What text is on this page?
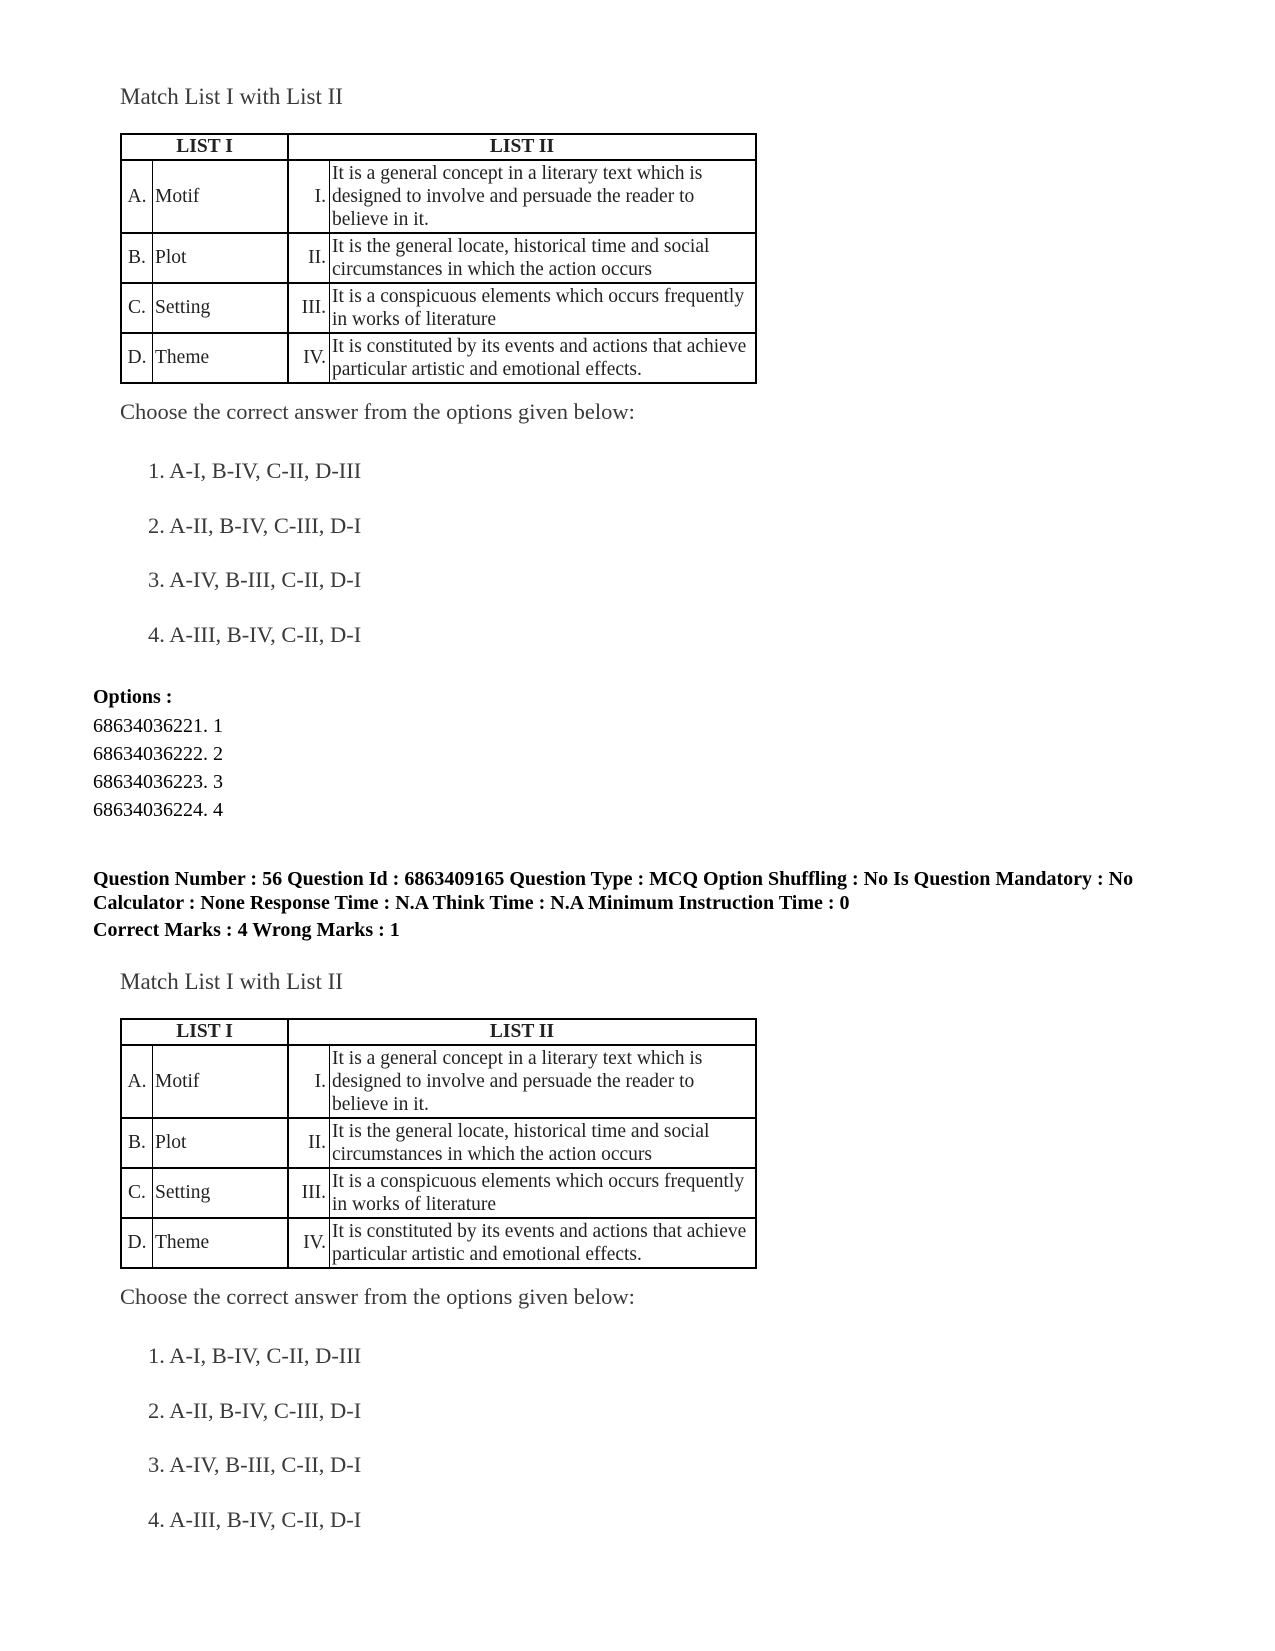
Match List I with List II

LIST I		LIST II	
A.	Motif	I.	It is a general concept in a literary text which is designed to involve and persuade the reader to believe in it.
B.	Plot	II.	It is the general locate, historical time and social circumstances in which the action occurs
C.	Setting	III.	It is a conspicuous elements which occurs frequently in works of literature
D.	Theme	IV.	It is constituted by its events and actions that achieve particular artistic and emotional effects.

Choose the correct answer from the options given below:

1. A-I, B-IV, C-II, D-III
2. A-II, B-IV, C-III, D-I
3. A-IV, B-III, C-II, D-I
4. A-III, B-IV, C-II, D-I
Options :
68634036221. 1
68634036222. 2
68634036223. 3
68634036224. 4

Question Number : 56 Question Id : 6863409165 Question Type : MCQ Option Shuffling : No Is Question Mandatory : No Calculator : None Response Time : N.A Think Time : N.A Minimum Instruction Time : 0

Correct Marks : 4 Wrong Marks : 1

Match List I with List II

LIST I		LIST II	
A.	Motif	I.	It is a general concept in a literary text which is designed to involve and persuade the reader to believe in it.
B.	Plot	II.	It is the general locate, historical time and social circumstances in which the action occurs
C.	Setting	III.	It is a conspicuous elements which occurs frequently in works of literature
D.	Theme	IV.	It is constituted by its events and actions that achieve particular artistic and emotional effects.

Choose the correct answer from the options given below:

1. A-I, B-IV, C-II, D-III
2. A-II, B-IV, C-III, D-I
3. A-IV, B-III, C-II, D-I
4. A-III, B-IV, C-II, D-I
